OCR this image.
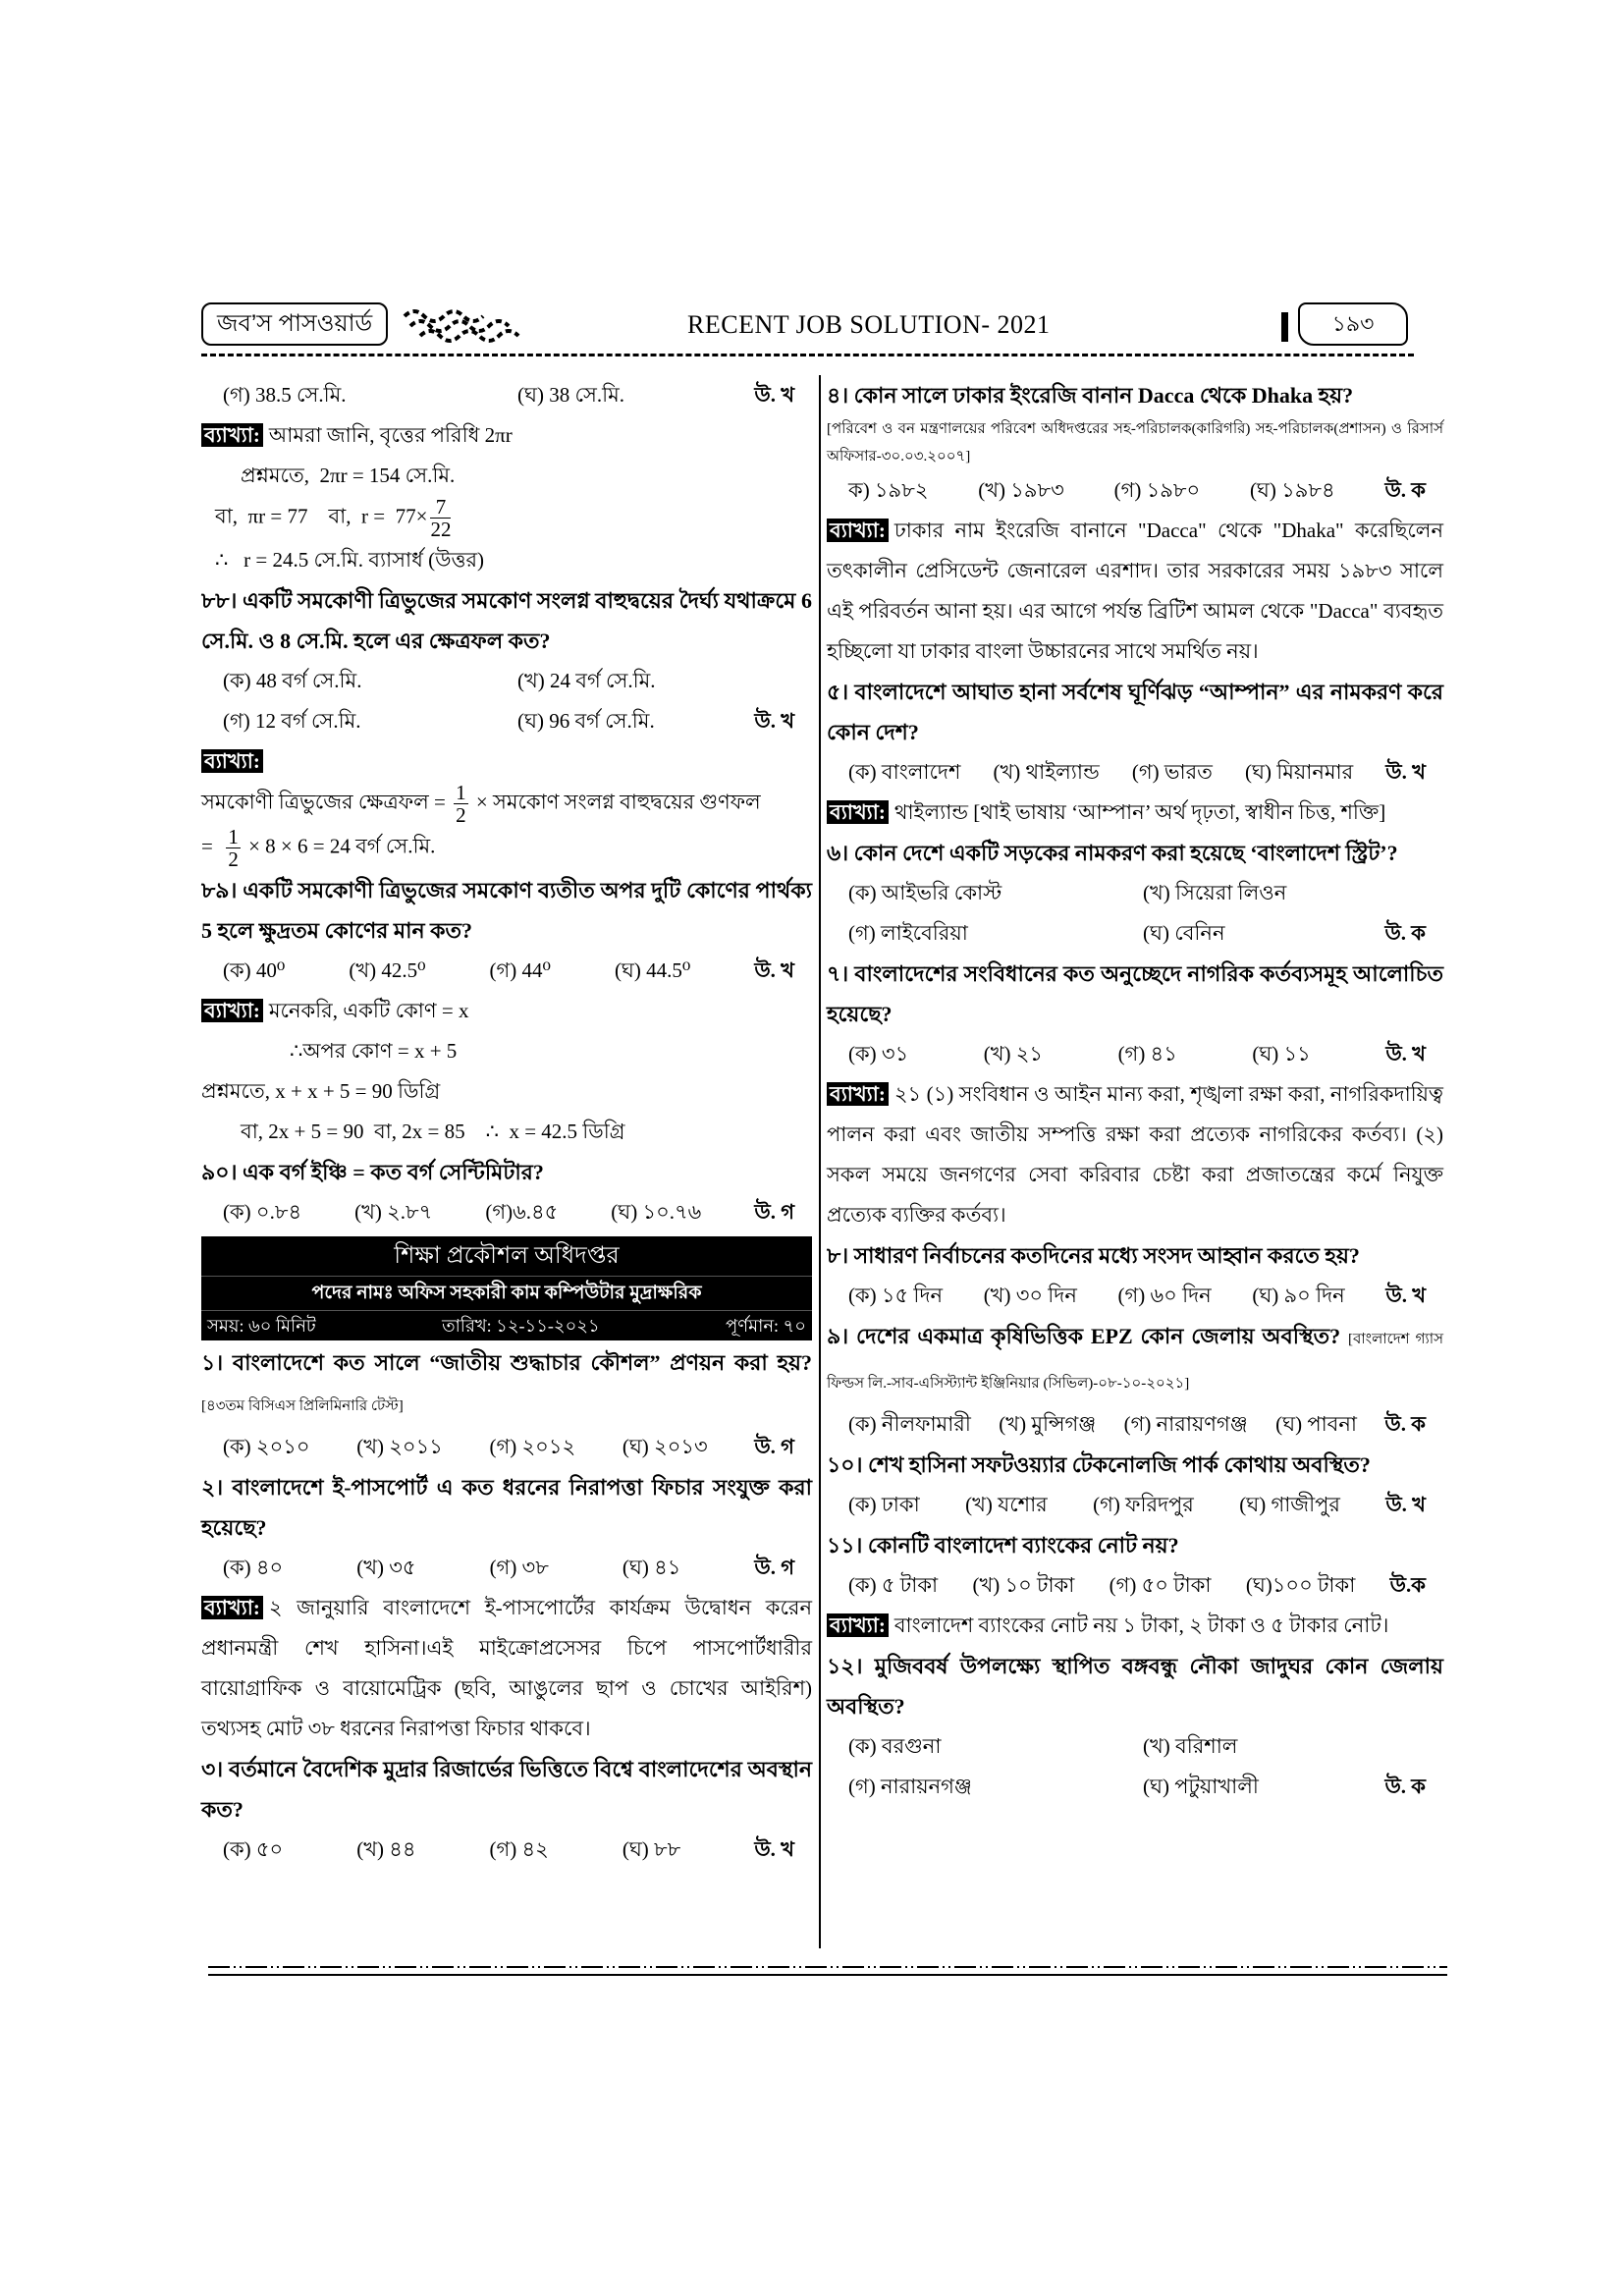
জব’স পাসওয়ার্ড	RECENT JOB SOLUTION- 2021	১৯৩
(গ) 38.5 সে.মি.	(ঘ) 38 সে.মি.	উ. খ
ব্যাখ্যা: আমরা জানি, বৃত্তের পরিধি 2πr
প্রশ্নমতে,  2πr = 154 সে.মি.
বা,  πr = 77    বা,  $r = 77\times \frac{7}{22}$
∴   r = 24.5 সে.মি. ব্যাসার্ধ (উত্তর)
৮৮। একটি সমকোণী ত্রিভুজের সমকোণ সংলগ্ন বাহুদ্বয়ের দৈর্ঘ্য যথাক্রমে 6 সে.মি. ও 8 সে.মি. হলে এর ক্ষেত্রফল কত?
(ক) 48 বর্গ সে.মি.	(খ) 24 বর্গ সে.মি.
(গ) 12 বর্গ সে.মি.	(ঘ) 96 বর্গ সে.মি.	উ. খ
ব্যাখ্যা:
সমকোণী ত্রিভুজের ক্ষেত্রফল = $\frac{1}{2}$ × সমকোণ সংলগ্ন বাহুদ্বয়ের গুণফল
= $\frac{1}{2} \times 8 \times 6 = 24$ বর্গ সে.মি.
৮৯। একটি সমকোণী ত্রিভুজের সমকোণ ব্যতীত অপর দুটি কোণের পার্থক্য 5 হলে ক্ষুদ্রতম কোণের মান কত?
(ক) 40⁰	(খ) 42.5⁰	(গ) 44⁰	(ঘ) 44.5⁰	উ. খ
ব্যাখ্যা: মনেকরি, একটি কোণ = x
∴অপর কোণ = x + 5
প্রশ্নমতে, x + x + 5 = 90 ডিগ্রি
বা, 2x + 5 = 90  বা, 2x = 85    ∴  x = 42.5 ডিগ্রি
৯০। এক বর্গ ইঞ্চি = কত বর্গ সেন্টিমিটার?
(ক) ০.৮৪	(খ) ২.৮৭	(গ)৬.৪৫	(ঘ) ১০.৭৬	উ. গ
শিক্ষা প্রকৌশল অধিদপ্তর
পদের নামঃ অফিস সহকারী কাম কম্পিউটার মুদ্রাক্ষরিক
সময়: ৬০ মিনিট	তারিখ: ১২-১১-২০২১	পূর্ণমান: ৭০
১। বাংলাদেশে কত সালে “জাতীয় শুদ্ধাচার কৌশল” প্রণয়ন করা হয়? [৪৩তম বিসিএস প্রিলিমিনারি টেস্ট]
(ক) ২০১০ (খ) ২০১১ (গ) ২০১২ (ঘ) ২০১৩ উ. গ
২। বাংলাদেশে ই-পাসপোর্ট এ কত ধরনের নিরাপত্তা ফিচার সংযুক্ত করা হয়েছে?
(ক) ৪০	(খ) ৩৫	(গ) ৩৮	(ঘ) ৪১	উ. গ
ব্যাখ্যা: ২ জানুয়ারি বাংলাদেশে ই-পাসপোর্টের কার্যক্রম উদ্বোধন করেন প্রধানমন্ত্রী শেখ হাসিনা।এই মাইক্রোপ্রসেসর চিপে পাসপোর্টধারীর বায়োগ্রাফিক ও বায়োমেট্রিক (ছবি, আঙুলের ছাপ ও চোখের আইরিশ) তথ্যসহ মোট ৩৮ ধরনের নিরাপত্তা ফিচার থাকবে।
৩। বর্তমানে বৈদেশিক মুদ্রার রিজার্ভের ভিত্তিতে বিশ্বে বাংলাদেশের অবস্থান কত?
(ক) ৫০	(খ) ৪৪	(গ) ৪২	(ঘ) ৮৮	উ. খ
৪। কোন সালে ঢাকার ইংরেজি বানান Dacca থেকে Dhaka হয়?
[পরিবেশ ও বন মন্ত্রণালয়ের পরিবেশ অধিদপ্তরের সহ-পরিচালক(কারিগরি) সহ-পরিচালক(প্রশাসন) ও রিসার্স অফিসার-৩০.০৩.২০০৭]
ক) ১৯৮২ (খ) ১৯৮৩ (গ) ১৯৮০ (ঘ) ১৯৮৪ উ. ক
ব্যাখ্যা: ঢাকার নাম ইংরেজি বানানে "Dacca" থেকে "Dhaka" করেছিলেন তৎকালীন প্রেসিডেন্ট জেনারেল এরশাদ। তার সরকারের সময় ১৯৮৩ সালে এই পরিবর্তন আনা হয়। এর আগে পর্যন্ত ব্রিটিশ আমল থেকে "Dacca" ব্যবহৃত হচ্ছিলো যা ঢাকার বাংলা উচ্চারনের সাথে সমর্থিত নয়।
৫। বাংলাদেশে আঘাত হানা সর্বশেষ ঘূর্ণিঝড় “আম্পান” এর নামকরণ করে কোন দেশ?
(ক) বাংলাদেশ (খ) থাইল্যান্ড (গ) ভারত (ঘ) মিয়ানমার উ. খ
ব্যাখ্যা: থাইল্যান্ড [থাই ভাষায় ‘আম্পান’ অর্থ দৃঢ়তা, স্বাধীন চিত্ত, শক্তি]
৬। কোন দেশে একটি সড়কের নামকরণ করা হয়েছে ‘বাংলাদেশ স্ট্রিট’?
(ক) আইভরি কোস্ট	(খ) সিয়েরা লিওন
(গ) লাইবেরিয়া	(ঘ) বেনিন	উ. ক
৭। বাংলাদেশের সংবিধানের কত অনুচ্ছেদে নাগরিক কর্তব্যসমূহ আলোচিত হয়েছে?
(ক) ৩১	(খ) ২১	(গ) ৪১	(ঘ) ১১	উ. খ
ব্যাখ্যা: ২১ (১) সংবিধান ও আইন মান্য করা, শৃঙ্খলা রক্ষা করা, নাগরিকদায়িত্ব পালন করা এবং জাতীয় সম্পত্তি রক্ষা করা প্রত্যেক নাগরিকের কর্তব্য। (২) সকল সময়ে জনগণের সেবা করিবার চেষ্টা করা প্রজাতন্ত্রের কর্মে নিযুক্ত প্রত্যেক ব্যক্তির কর্তব্য।
৮। সাধারণ নির্বাচনের কতদিনের মধ্যে সংসদ আহ্বান করতে হয়?
(ক) ১৫ দিন (খ) ৩০ দিন (গ) ৬০ দিন (ঘ) ৯০ দিন উ. খ
৯। দেশের একমাত্র কৃষিভিত্তিক EPZ কোন জেলায় অবস্থিত? [বাংলাদেশ গ্যাস ফিল্ডস লি.-সাব-এসিস্ট্যান্ট ইঞ্জিনিয়ার (সিভিল)-০৮-১০-২০২১]
(ক) নীলফামারী (খ) মুন্সিগঞ্জ (গ) নারায়ণগঞ্জ (ঘ) পাবনা উ. ক
১০। শেখ হাসিনা সফটওয়্যার টেকনোলজি পার্ক কোথায় অবস্থিত?
(ক) ঢাকা (খ) যশোর (গ) ফরিদপুর (ঘ) গাজীপুর উ. খ
১১। কোনটি বাংলাদেশ ব্যাংকের নোট নয়?
(ক) ৫ টাকা (খ) ১০ টাকা (গ) ৫০ টাকা (ঘ)১০০ টাকা উ.ক
ব্যাখ্যা: বাংলাদেশ ব্যাংকের নোট নয় ১ টাকা, ২ টাকা ও ৫ টাকার নোট।
১২। মুজিববর্ষ উপলক্ষ্যে স্থাপিত বঙ্গবন্ধু নৌকা জাদুঘর কোন জেলায় অবস্থিত?
(ক) বরগুনা	(খ) বরিশাল
(গ) নারায়নগঞ্জ	(ঘ) পটুয়াখালী	উ. ক
